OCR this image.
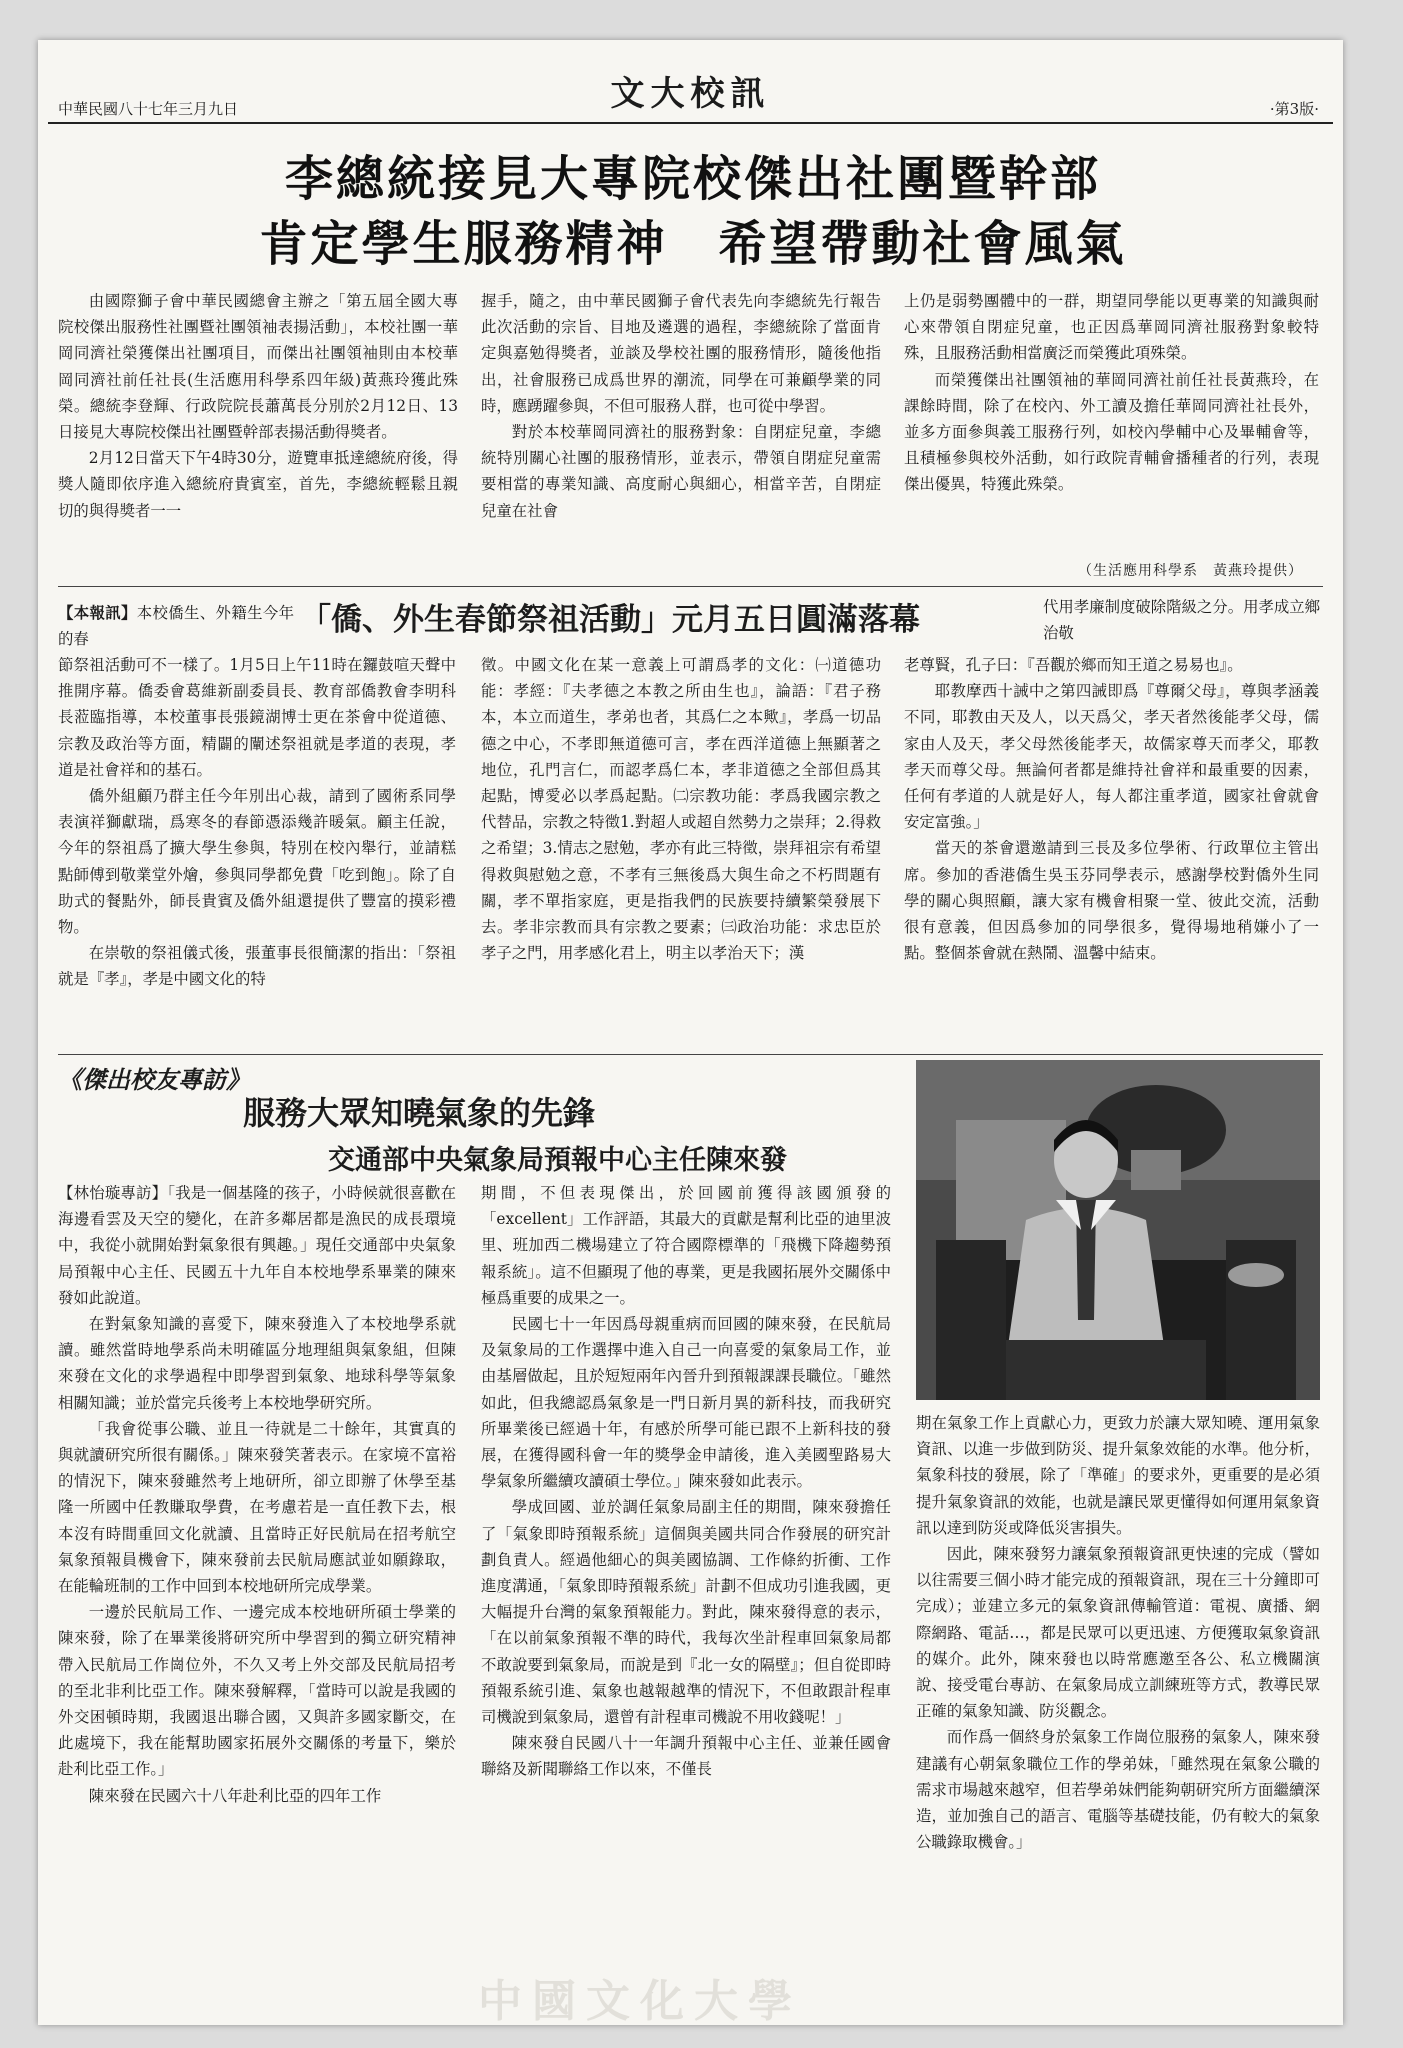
中華民國八十七年三月九日	文大校訊	·第3版·
李總統接見大專院校傑出社團暨幹部
肯定學生服務精神　希望帶動社會風氣

由國際獅子會中華民國總會主辦之「第五屆全國大專院校傑出服務性社團暨社團領袖表揚活動」，本校社團一華岡同濟社榮獲傑出社團項目，而傑出社團領袖則由本校華岡同濟社前任社長(生活應用科學系四年級)黃燕玲獲此殊榮。總統李登輝、行政院院長蕭萬長分別於2月12日、13日接見大專院校傑出社團暨幹部表揚活動得獎者。

2月12日當天下午4時30分，遊覽車抵達總統府後，得獎人隨即依序進入總統府貴賓室，首先，李總統輕鬆且親切的與得獎者一一

握手，隨之，由中華民國獅子會代表先向李總統先行報告此次活動的宗旨、目地及遴選的過程，李總統除了當面肯定與嘉勉得獎者，並談及學校社團的服務情形，隨後他指出，社會服務已成爲世界的潮流，同學在可兼顧學業的同時，應踴躍參與，不但可服務人群，也可從中學習。

對於本校華岡同濟社的服務對象：自閉症兒童，李總統特別關心社團的服務情形，並表示，帶領自閉症兒童需要相當的專業知識、高度耐心與細心，相當辛苦，自閉症兒童在社會

上仍是弱勢團體中的一群，期望同學能以更專業的知識與耐心來帶領自閉症兒童，也正因爲華岡同濟社服務對象較特殊，且服務活動相當廣泛而榮獲此項殊榮。

而榮獲傑出社團領袖的華岡同濟社前任社長黃燕玲，在課餘時間，除了在校內、外工讀及擔任華岡同濟社社長外，並多方面參與義工服務行列，如校內學輔中心及畢輔會等，且積極參與校外活動，如行政院青輔會播種者的行列，表現傑出優異，特獲此殊榮。

（生活應用科學系　黃燕玲提供）
【本報訊】本校僑生、外籍生今年的春
「僑、外生春節祭祖活動」元月五日圓滿落幕	代用孝廉制度破除階級之分。用孝成立鄉治敬

節祭祖活動可不一樣了。1月5日上午11時在鑼鼓喧天聲中推開序幕。僑委會葛維新副委員長、教育部僑教會李明科長蒞臨指導，本校董事長張鏡湖博士更在茶會中從道德、宗教及政治等方面，精闢的闡述祭祖就是孝道的表現，孝道是社會祥和的基石。

僑外組顧乃群主任今年別出心裁，請到了國術系同學表演祥獅獻瑞，爲寒冬的春節憑添幾許暖氣。顧主任說，今年的祭祖爲了擴大學生參與，特別在校內舉行，並請糕點師傅到敬業堂外燴，參與同學都免費「吃到飽」。除了自助式的餐點外，師長貴賓及僑外組還提供了豐富的摸彩禮物。

在崇敬的祭祖儀式後，張董事長很簡潔的指出：「祭祖就是『孝』，孝是中國文化的特

徵。中國文化在某一意義上可謂爲孝的文化：㈠道德功能：孝經：『夫孝德之本教之所由生也』，論語：『君子務本，本立而道生，孝弟也者，其爲仁之本歟』，孝爲一切品德之中心，不孝即無道德可言，孝在西洋道德上無顯著之地位，孔門言仁，而認孝爲仁本，孝非道德之全部但爲其起點，博愛必以孝爲起點。㈡宗教功能：孝爲我國宗教之代替品，宗教之特徵1.對超人或超自然勢力之崇拜；2.得救之希望；3.情志之慰勉，孝亦有此三特徵，崇拜祖宗有希望得救與慰勉之意，不孝有三無後爲大與生命之不朽問題有關，孝不單指家庭，更是指我們的民族要持續繁榮發展下去。孝非宗教而具有宗教之要素；㈢政治功能：求忠臣於孝子之門，用孝感化君上，明主以孝治天下；漢

老尊賢，孔子曰：『吾觀於鄉而知王道之易易也』。

耶教摩西十誡中之第四誡即爲『尊爾父母』，尊與孝涵義不同，耶教由天及人，以天爲父，孝天者然後能孝父母，儒家由人及天，孝父母然後能孝天，故儒家尊天而孝父，耶教孝天而尊父母。無論何者都是維持社會祥和最重要的因素，任何有孝道的人就是好人，每人都注重孝道，國家社會就會安定富強。」

當天的茶會還邀請到三長及多位學術、行政單位主管出席。參加的香港僑生吳玉芬同學表示，感謝學校對僑外生同學的關心與照顧，讓大家有機會相聚一堂、彼此交流，活動很有意義，但因爲參加的同學很多，覺得場地稍嫌小了一點。整個茶會就在熱鬧、溫馨中結束。

《傑出校友專訪》
服務大眾知曉氣象的先鋒
交通部中央氣象局預報中心主任陳來發

【林怡璇專訪】「我是一個基隆的孩子，小時候就很喜歡在海邊看雲及天空的變化，在許多鄰居都是漁民的成長環境中，我從小就開始對氣象很有興趣。」現任交通部中央氣象局預報中心主任、民國五十九年自本校地學系畢業的陳來發如此說道。

在對氣象知識的喜愛下，陳來發進入了本校地學系就讀。雖然當時地學系尚未明確區分地理組與氣象組，但陳來發在文化的求學過程中即學習到氣象、地球科學等氣象相關知識；並於當完兵後考上本校地學研究所。

「我會從事公職、並且一待就是二十餘年，其實真的與就讀研究所很有關係。」陳來發笑著表示。在家境不富裕的情況下，陳來發雖然考上地研所，卻立即辦了休學至基隆一所國中任教賺取學費，在考慮若是一直任教下去，根本沒有時間重回文化就讀、且當時正好民航局在招考航空氣象預報員機會下，陳來發前去民航局應試並如願錄取，在能輪班制的工作中回到本校地研所完成學業。

一邊於民航局工作、一邊完成本校地研所碩士學業的陳來發，除了在畢業後將研究所中學習到的獨立研究精神帶入民航局工作崗位外，不久又考上外交部及民航局招考的至北非利比亞工作。陳來發解釋，「當時可以說是我國的外交困頓時期，我國退出聯合國，又與許多國家斷交，在此處境下，我在能幫助國家拓展外交關係的考量下，樂於赴利比亞工作。」

陳來發在民國六十八年赴利比亞的四年工作

期間，不但表現傑出，於回國前獲得該國頒發的「excellent」工作評語，其最大的貢獻是幫利比亞的迪里波里、班加西二機場建立了符合國際標準的「飛機下降趨勢預報系統」。這不但顯現了他的專業，更是我國拓展外交關係中極爲重要的成果之一。

民國七十一年因爲母親重病而回國的陳來發，在民航局及氣象局的工作選擇中進入自己一向喜愛的氣象局工作，並由基層做起，且於短短兩年內晉升到預報課課長職位。「雖然如此，但我總認爲氣象是一門日新月異的新科技，而我研究所畢業後已經過十年，有感於所學可能已跟不上新科技的發展，在獲得國科會一年的獎學金申請後，進入美國聖路易大學氣象所繼續攻讀碩士學位。」陳來發如此表示。

學成回國、並於調任氣象局副主任的期間，陳來發擔任了「氣象即時預報系統」這個與美國共同合作發展的研究計劃負責人。經過他細心的與美國協調、工作條約折衝、工作進度溝通，「氣象即時預報系統」計劃不但成功引進我國，更大幅提升台灣的氣象預報能力。對此，陳來發得意的表示，「在以前氣象預報不準的時代，我每次坐計程車回氣象局都不敢說要到氣象局，而說是到『北一女的隔壁』；但自從即時預報系統引進、氣象也越報越準的情況下，不但敢跟計程車司機說到氣象局，還曾有計程車司機說不用收錢呢！」

陳來發自民國八十一年調升預報中心主任、並兼任國會聯絡及新聞聯絡工作以來，不僅長

期在氣象工作上貢獻心力，更致力於讓大眾知曉、運用氣象資訊、以進一步做到防災、提升氣象效能的水準。他分析，氣象科技的發展，除了「準確」的要求外，更重要的是必須提升氣象資訊的效能，也就是讓民眾更懂得如何運用氣象資訊以達到防災或降低災害損失。

因此，陳來發努力讓氣象預報資訊更快速的完成（譬如以往需要三個小時才能完成的預報資訊，現在三十分鐘即可完成）；並建立多元的氣象資訊傳輸管道：電視、廣播、網際網路、電話…，都是民眾可以更迅速、方便獲取氣象資訊的媒介。此外，陳來發也以時常應邀至各公、私立機關演說、接受電台專訪、在氣象局成立訓練班等方式，教導民眾正確的氣象知識、防災觀念。

而作爲一個終身於氣象工作崗位服務的氣象人，陳來發建議有心朝氣象職位工作的學弟妹，「雖然現在氣象公職的需求市場越來越窄，但若學弟妹們能夠朝研究所方面繼續深造，並加強自己的語言、電腦等基礎技能，仍有較大的氣象公職錄取機會。」

中國文化大學
